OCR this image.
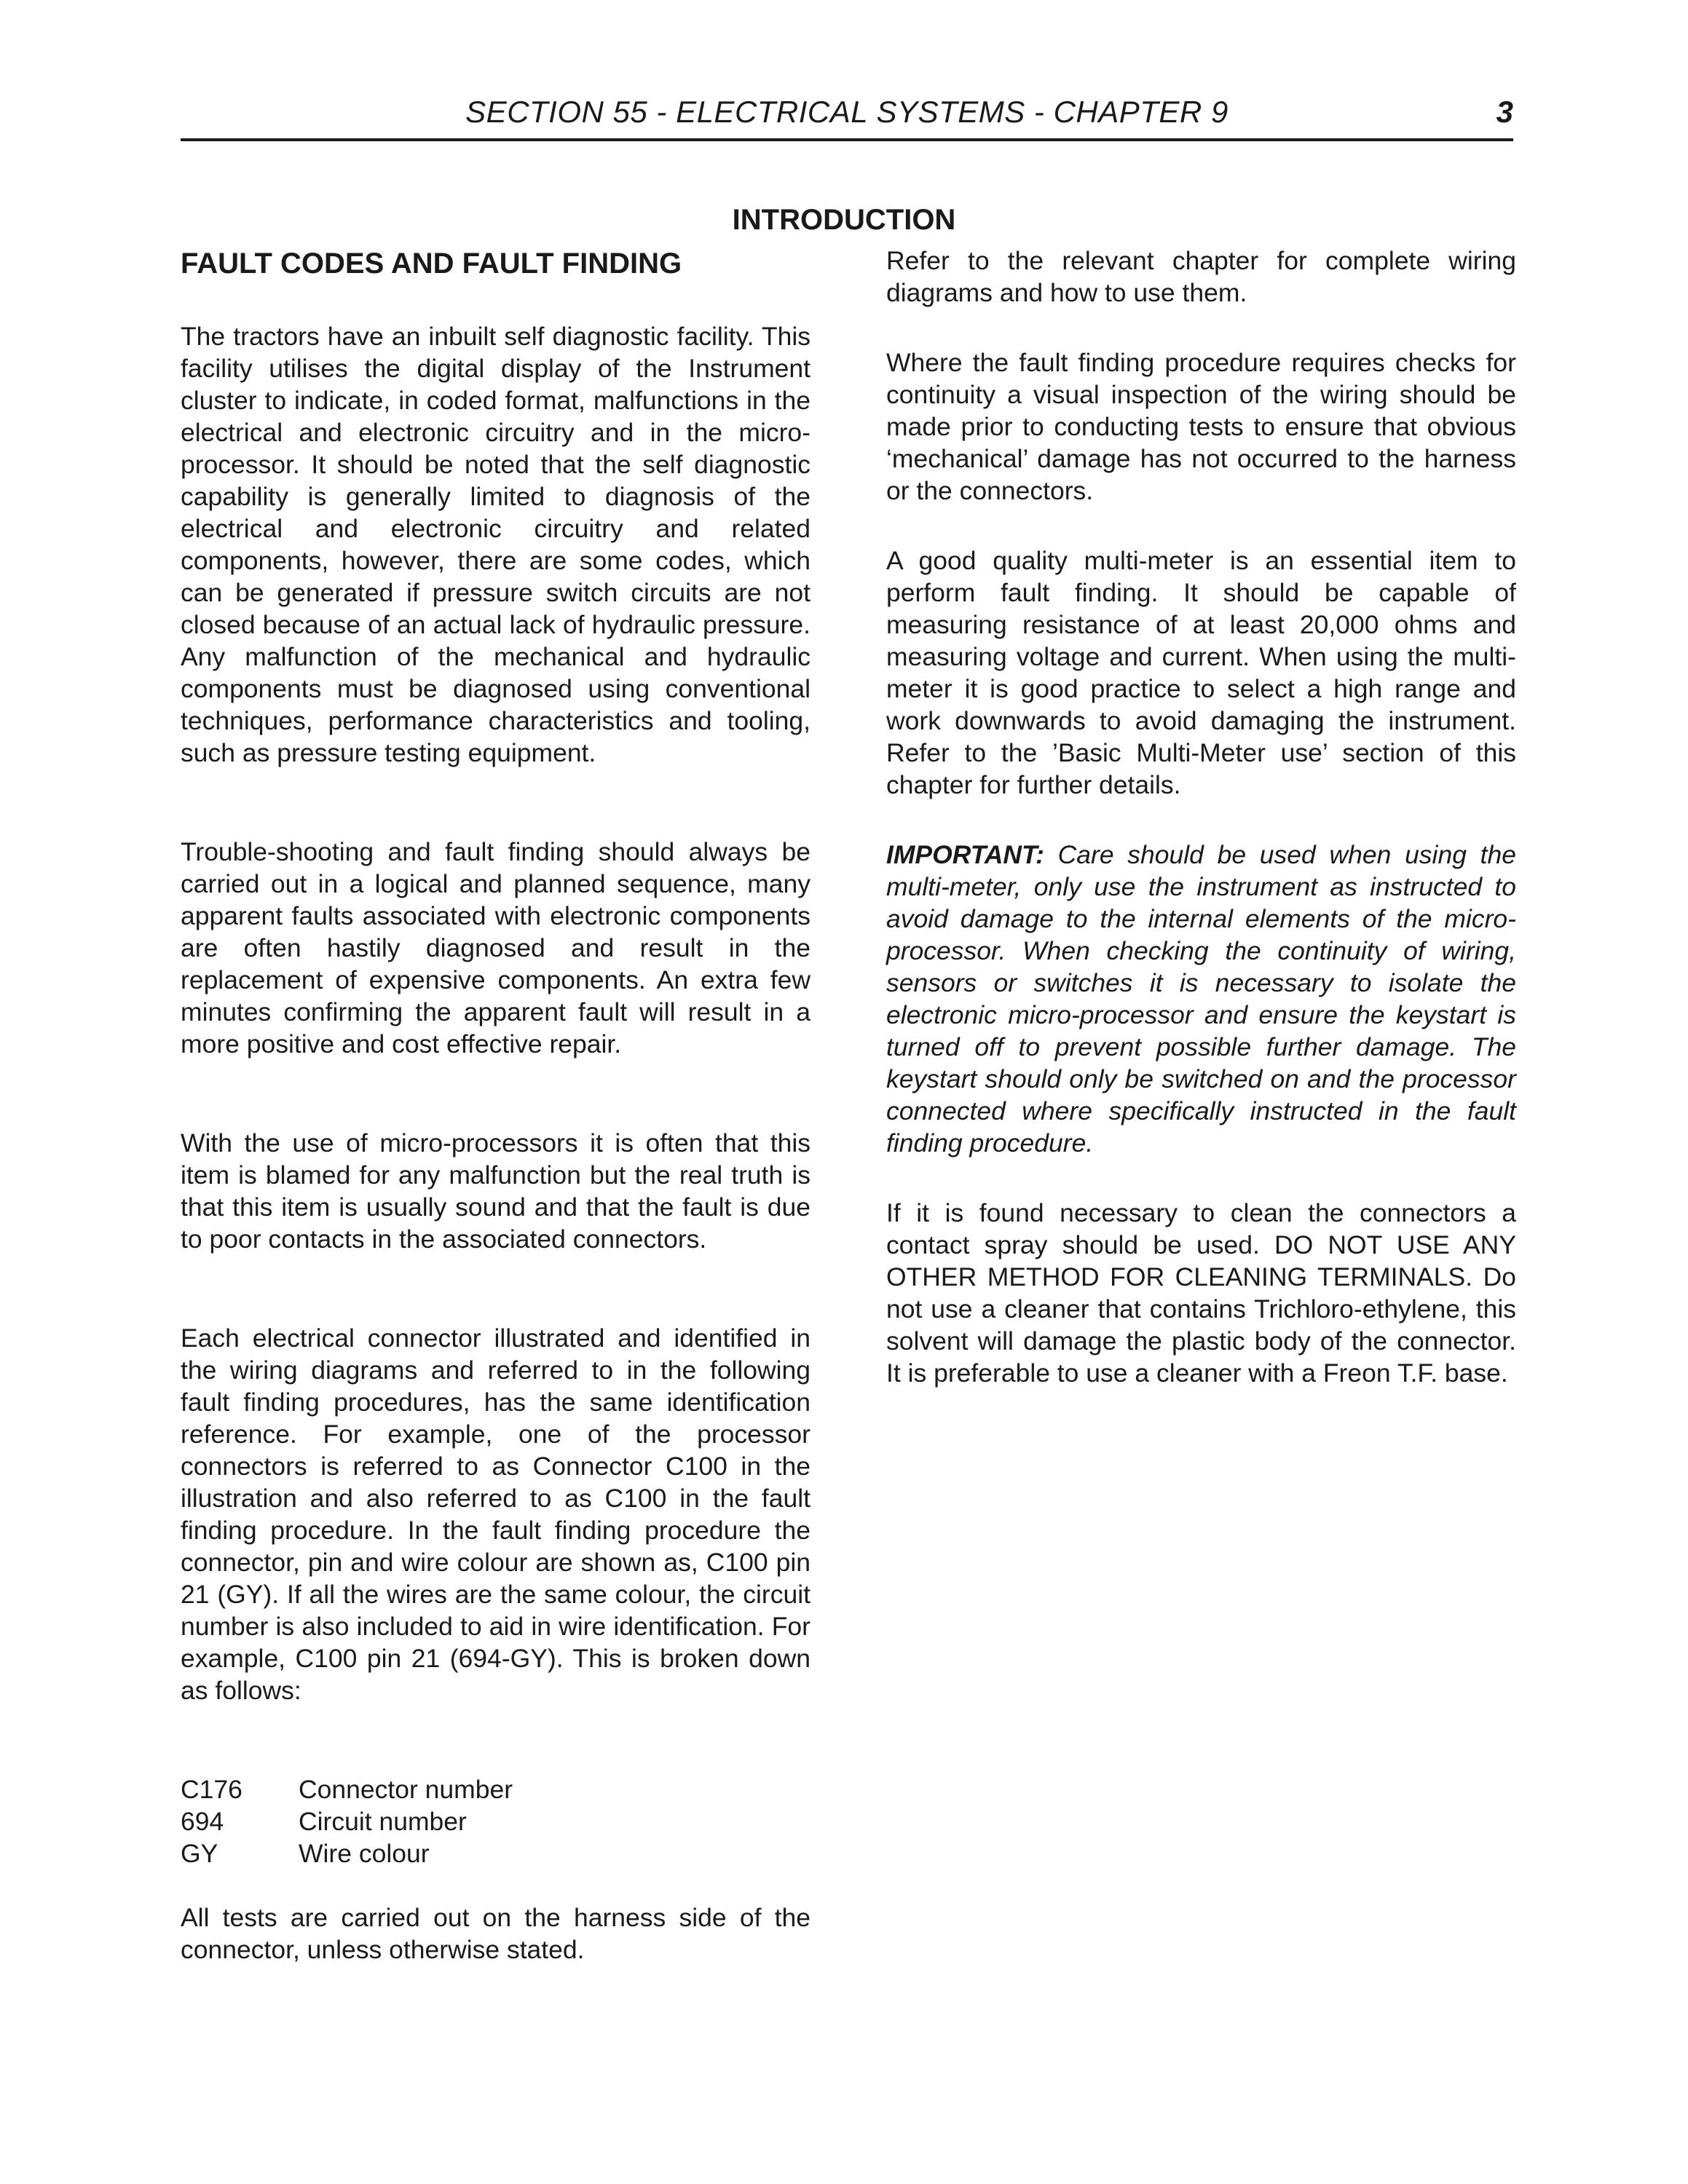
SECTION 55 - ELECTRICAL SYSTEMS - CHAPTER 9	3
INTRODUCTION
FAULT CODES AND FAULT FINDING

The tractors have an inbuilt self diagnostic facility. This facility utilises the digital display of the Instrument cluster to indicate, in coded format, malfunctions in the electrical and electronic circuitry and in the micro-processor. It should be noted that the self diagnostic capability is generally limited to diagnosis of the electrical and electronic circuitry and related components, however, there are some codes, which can be generated if pressure switch circuits are not closed because of an actual lack of hydraulic pressure. Any malfunction of the mechanical and hydraulic components must be diagnosed using conventional techniques, performance characteristics and tooling, such as pressure testing equipment.

Trouble-shooting and fault finding should always be carried out in a logical and planned sequence, many apparent faults associated with electronic components are often hastily diagnosed and result in the replacement of expensive components. An extra few minutes confirming the apparent fault will result in a more positive and cost effective repair.

With the use of micro-processors it is often that this item is blamed for any malfunction but the real truth is that this item is usually sound and that the fault is due to poor contacts in the associated connectors.

Each electrical connector illustrated and identified in the wiring diagrams and referred to in the following fault finding procedures, has the same identification reference. For example, one of the processor connectors is referred to as Connector C100 in the illustration and also referred to as C100 in the fault finding procedure. In the fault finding procedure the connector, pin and wire colour are shown as, C100 pin 21 (GY). If all the wires are the same colour, the circuit number is also included to aid in wire identification. For example, C100 pin 21 (694-GY). This is broken down as follows:

C176	Connector number
694	Circuit number
GY	Wire colour

All tests are carried out on the harness side of the connector, unless otherwise stated.

Refer to the relevant chapter for complete wiring diagrams and how to use them.

Where the fault finding procedure requires checks for continuity a visual inspection of the wiring should be made prior to conducting tests to ensure that obvious ‘mechanical’ damage has not occurred to the harness or the connectors.

A good quality multi-meter is an essential item to perform fault finding. It should be capable of measuring resistance of at least 20,000 ohms and measuring voltage and current. When using the multi-meter it is good practice to select a high range and work downwards to avoid damaging the instrument. Refer to the ’Basic Multi-Meter use’ section of this chapter for further details.

IMPORTANT: Care should be used when using the multi-meter, only use the instrument as instructed to avoid damage to the internal elements of the micro-processor. When checking the continuity of wiring, sensors or switches it is necessary to isolate the electronic micro-processor and ensure the keystart is turned off to prevent possible further damage. The keystart should only be switched on and the processor connected where specifically instructed in the fault finding procedure.

If it is found necessary to clean the connectors a contact spray should be used. DO NOT USE ANY OTHER METHOD FOR CLEANING TERMINALS. Do not use a cleaner that contains Trichloro-ethylene, this solvent will damage the plastic body of the connector. It is preferable to use a cleaner with a Freon T.F. base.
